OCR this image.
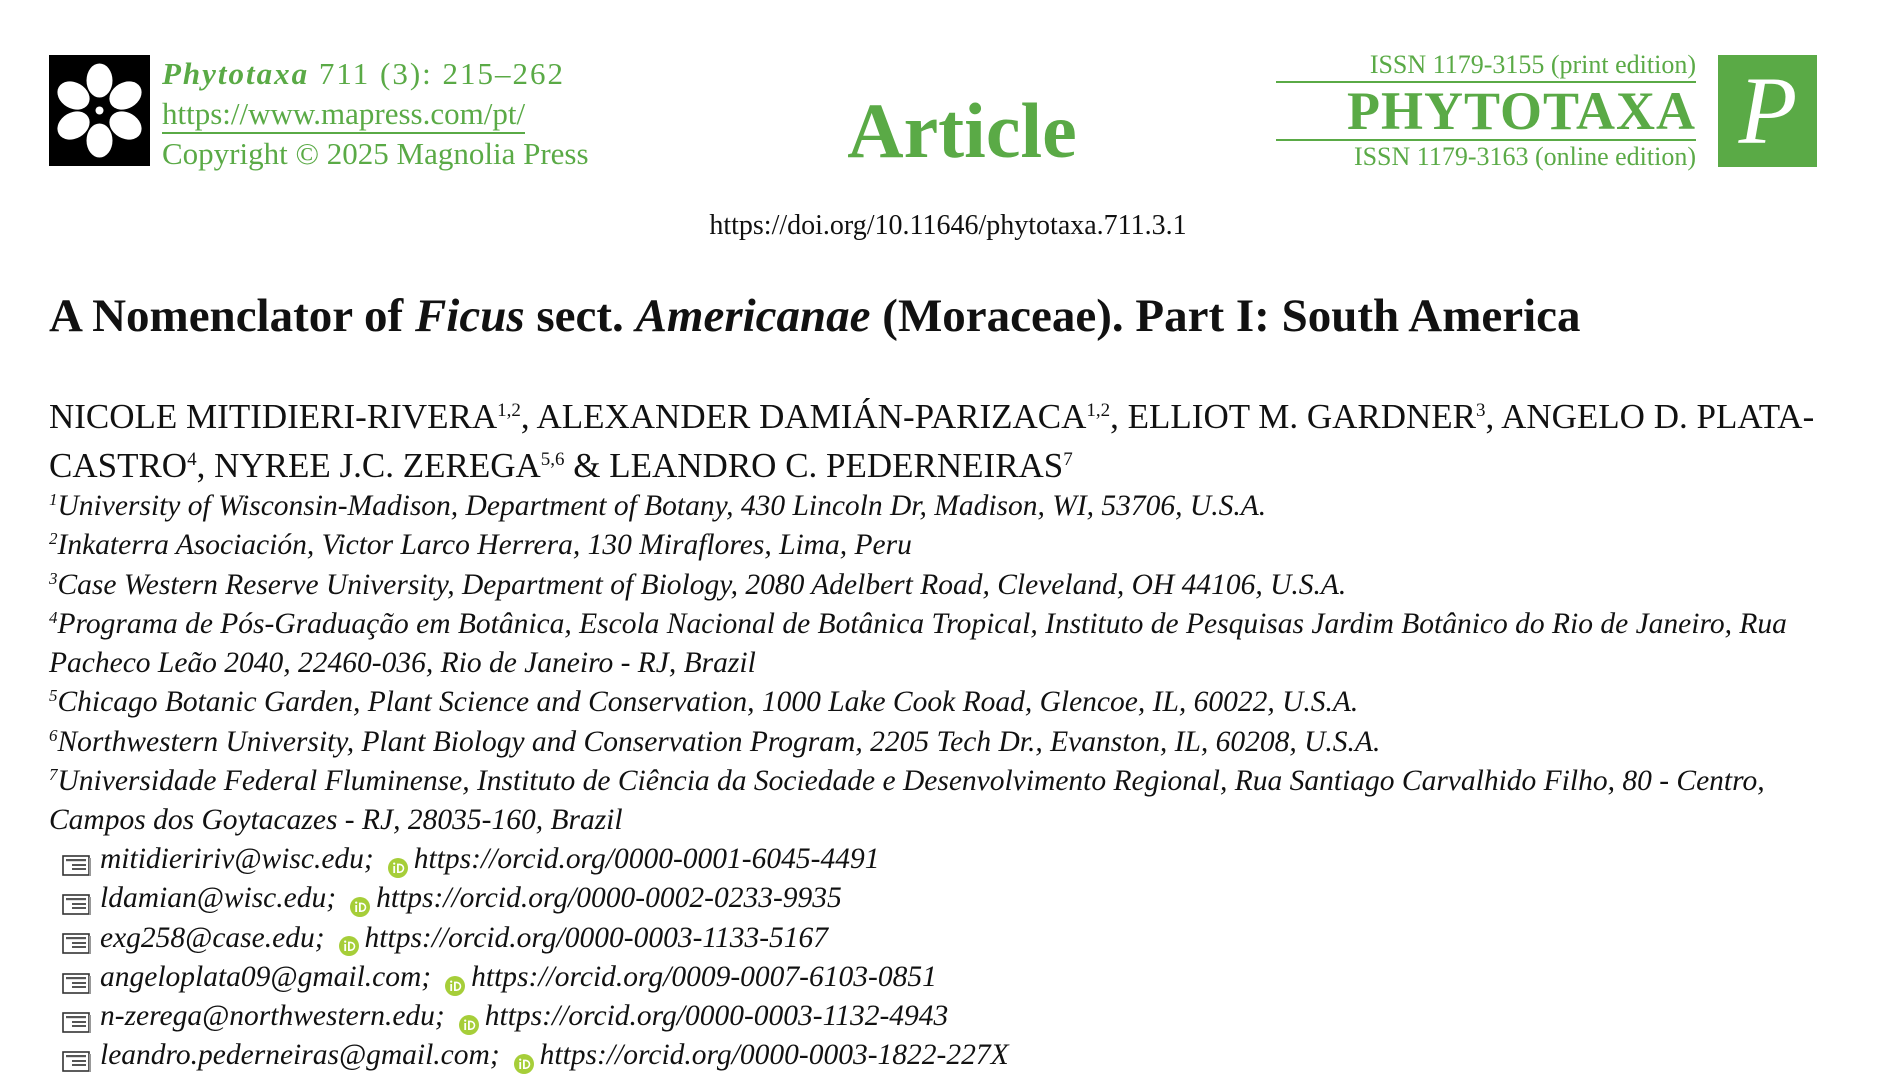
Phytotaxa 711 (3): 215–262
https://www.mapress.com/pt/
Copyright © 2025 Magnolia Press	Article
ISSN 1179-3155 (print edition)
PHYTOTAXA
ISSN 1179-3163 (online edition) P
https://doi.org/10.11646/phytotaxa.711.3.1
A Nomenclator of Ficus sect. Americanae (Moraceae). Part I: South America
NICOLE MITIDIERI-RIVERA$^{1,2}$, ALEXANDER DAMIÁN-PARIZACA$^{1,2}$, ELLIOT M. GARDNER$^3$, ANGELO D. PLATA-CASTRO$^4$, NYREE J.C. ZEREGA$^{5,6}$ & LEANDRO C. PEDERNEIRAS$^7$
$^1$University of Wisconsin-Madison, Department of Botany, 430 Lincoln Dr, Madison, WI, 53706, U.S.A.
$^2$Inkaterra Asociación, Victor Larco Herrera, 130 Miraflores, Lima, Peru
$^3$Case Western Reserve University, Department of Biology, 2080 Adelbert Road, Cleveland, OH 44106, U.S.A.
$^4$Programa de Pós-Graduação em Botânica, Escola Nacional de Botânica Tropical, Instituto de Pesquisas Jardim Botânico do Rio de Janeiro, Rua Pacheco Leão 2040, 22460-036, Rio de Janeiro - RJ, Brazil
$^5$Chicago Botanic Garden, Plant Science and Conservation, 1000 Lake Cook Road, Glencoe, IL, 60022, U.S.A.
$^6$Northwestern University, Plant Biology and Conservation Program, 2205 Tech Dr., Evanston, IL, 60208, U.S.A.
$^7$Universidade Federal Fluminense, Instituto de Ciência da Sociedade e Desenvolvimento Regional, Rua Santiago Carvalhido Filho, 80 - Centro, Campos dos Goytacazes - RJ, 28035-160, Brazil
mitidieririv@wisc.edu; https://orcid.org/0000-0001-6045-4491
ldamian@wisc.edu; https://orcid.org/0000-0002-0233-9935
exg258@case.edu; https://orcid.org/0000-0003-1133-5167
angeloplata09@gmail.com; https://orcid.org/0009-0007-6103-0851
n-zerega@northwestern.edu; https://orcid.org/0000-0003-1132-4943
leandro.pederneiras@gmail.com; https://orcid.org/0000-0003-1822-227X
